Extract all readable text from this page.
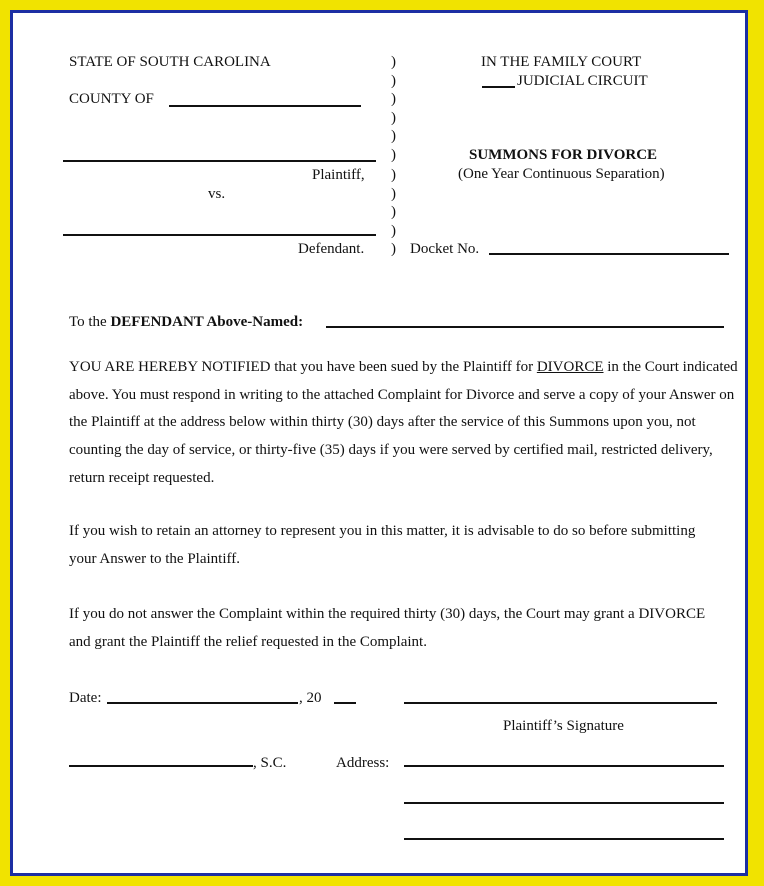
STATE OF SOUTH CAROLINA
COUNTY OF
Plaintiff,
vs.
Defendant.
)
)
)
)
)
)
)
)
)
)
)
IN THE FAMILY COURT
JUDICIAL CIRCUIT
SUMMONS FOR DIVORCE
(One Year Continuous Separation)
Docket No.
To the DEFENDANT Above-Named:
YOU ARE HEREBY NOTIFIED that you have been sued by the Plaintiff for DIVORCE in the Court indicated above. You must respond in writing to the attached Complaint for Divorce and serve a copy of your Answer on the Plaintiff at the address below within thirty (30) days after the service of this Summons upon you, not counting the day of service, or thirty-five (35) days if you were served by certified mail, restricted delivery, return receipt requested.
If you wish to retain an attorney to represent you in this matter, it is advisable to do so before submitting your Answer to the Plaintiff.
If you do not answer the Complaint within the required thirty (30) days, the Court may grant a DIVORCE and grant the Plaintiff the relief requested in the Complaint.
Date:	, 20
Plaintiff’s Signature
, S.C.	Address:
